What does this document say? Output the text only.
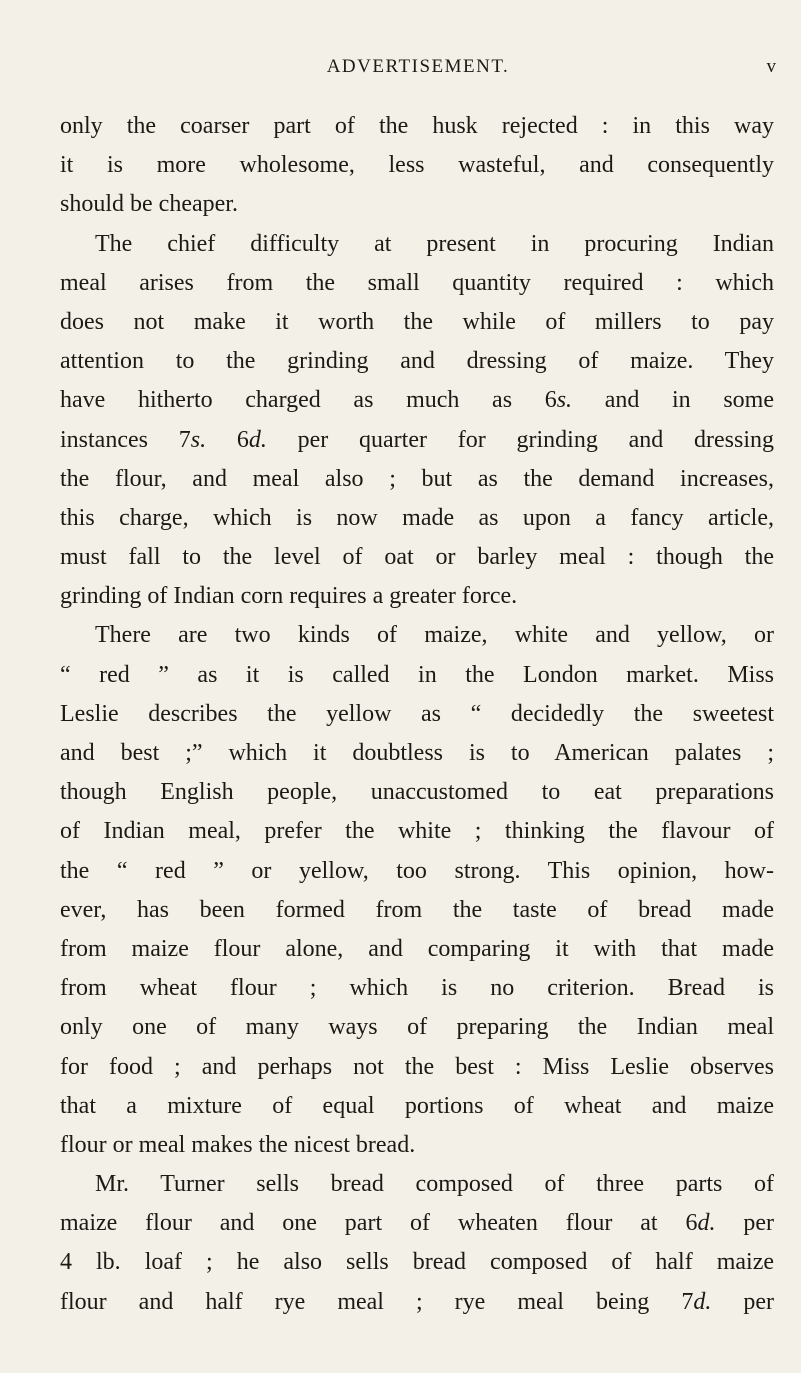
ADVERTISEMENT.	v
only the coarser part of the husk rejected : in this way
it is more wholesome, less wasteful, and consequently
should be cheaper.
The chief difficulty at present in procuring Indian
meal arises from the small quantity required : which
does not make it worth the while of millers to pay
attention to the grinding and dressing of maize. They
have hitherto charged as much as 6s. and in some
instances 7s. 6d. per quarter for grinding and dressing
the flour, and meal also ; but as the demand increases,
this charge, which is now made as upon a fancy article,
must fall to the level of oat or barley meal : though the
grinding of Indian corn requires a greater force.
There are two kinds of maize, white and yellow, or
“ red ” as it is called in the London market. Miss
Leslie describes the yellow as “ decidedly the sweetest
and best ;” which it doubtless is to American palates ;
though English people, unaccustomed to eat preparations
of Indian meal, prefer the white ; thinking the flavour of
the “ red ” or yellow, too strong. This opinion, how-
ever, has been formed from the taste of bread made
from maize flour alone, and comparing it with that made
from wheat flour ; which is no criterion. Bread is
only one of many ways of preparing the Indian meal
for food ; and perhaps not the best : Miss Leslie observes
that a mixture of equal portions of wheat and maize
flour or meal makes the nicest bread.
Mr. Turner sells bread composed of three parts of
maize flour and one part of wheaten flour at 6d. per
4 lb. loaf ; he also sells bread composed of half maize
flour and half rye meal ; rye meal being 7d. per
